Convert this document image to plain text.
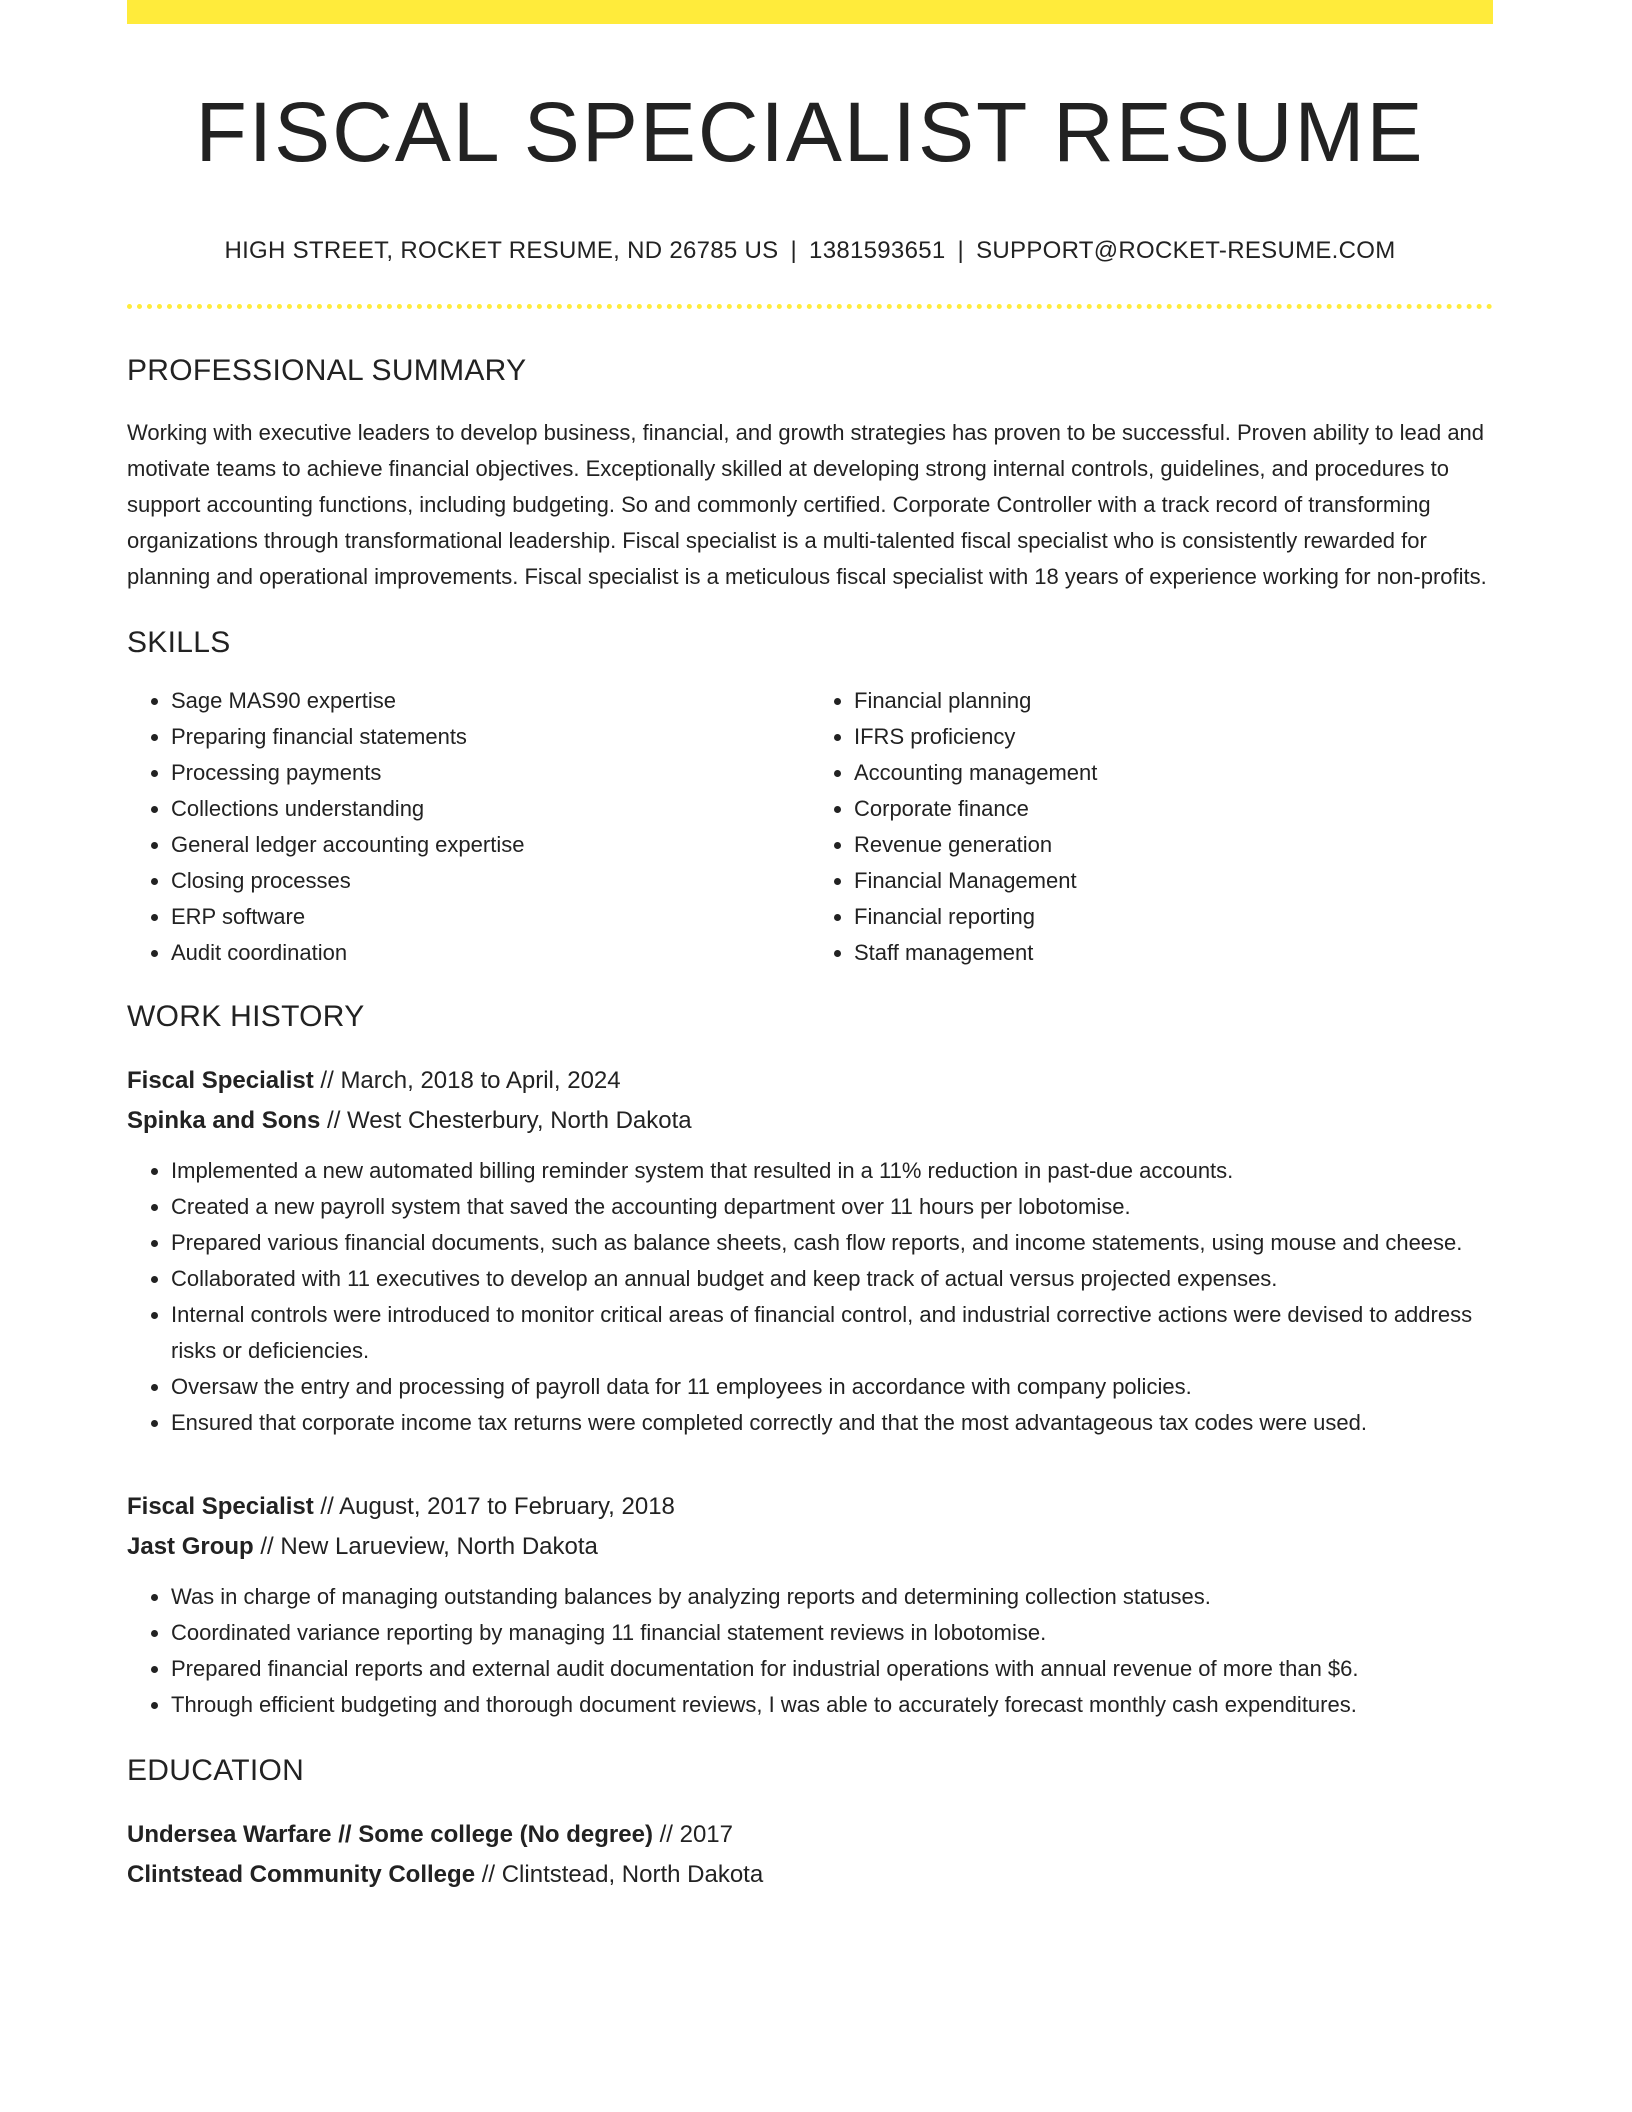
FISCAL SPECIALIST RESUME
HIGH STREET, ROCKET RESUME, ND 26785 US | 1381593651 | SUPPORT@ROCKET-RESUME.COM
PROFESSIONAL SUMMARY
Working with executive leaders to develop business, financial, and growth strategies has proven to be successful. Proven ability to lead and motivate teams to achieve financial objectives. Exceptionally skilled at developing strong internal controls, guidelines, and procedures to support accounting functions, including budgeting. So and commonly certified. Corporate Controller with a track record of transforming organizations through transformational leadership. Fiscal specialist is a multi-talented fiscal specialist who is consistently rewarded for planning and operational improvements. Fiscal specialist is a meticulous fiscal specialist with 18 years of experience working for non-profits.
SKILLS
• Sage MAS90 expertise
• Preparing financial statements
• Processing payments
• Collections understanding
• General ledger accounting expertise
• Closing processes
• ERP software
• Audit coordination
• Financial planning
• IFRS proficiency
• Accounting management
• Corporate finance
• Revenue generation
• Financial Management
• Financial reporting
• Staff management
WORK HISTORY
Fiscal Specialist // March, 2018 to April, 2024
Spinka and Sons // West Chesterbury, North Dakota
• Implemented a new automated billing reminder system that resulted in a 11% reduction in past-due accounts.
• Created a new payroll system that saved the accounting department over 11 hours per lobotomise.
• Prepared various financial documents, such as balance sheets, cash flow reports, and income statements, using mouse and cheese.
• Collaborated with 11 executives to develop an annual budget and keep track of actual versus projected expenses.
• Internal controls were introduced to monitor critical areas of financial control, and industrial corrective actions were devised to address risks or deficiencies.
• Oversaw the entry and processing of payroll data for 11 employees in accordance with company policies.
• Ensured that corporate income tax returns were completed correctly and that the most advantageous tax codes were used.
Fiscal Specialist // August, 2017 to February, 2018
Jast Group // New Larueview, North Dakota
• Was in charge of managing outstanding balances by analyzing reports and determining collection statuses.
• Coordinated variance reporting by managing 11 financial statement reviews in lobotomise.
• Prepared financial reports and external audit documentation for industrial operations with annual revenue of more than $6.
• Through efficient budgeting and thorough document reviews, I was able to accurately forecast monthly cash expenditures.
EDUCATION
Undersea Warfare // Some college (No degree) // 2017
Clintstead Community College // Clintstead, North Dakota
